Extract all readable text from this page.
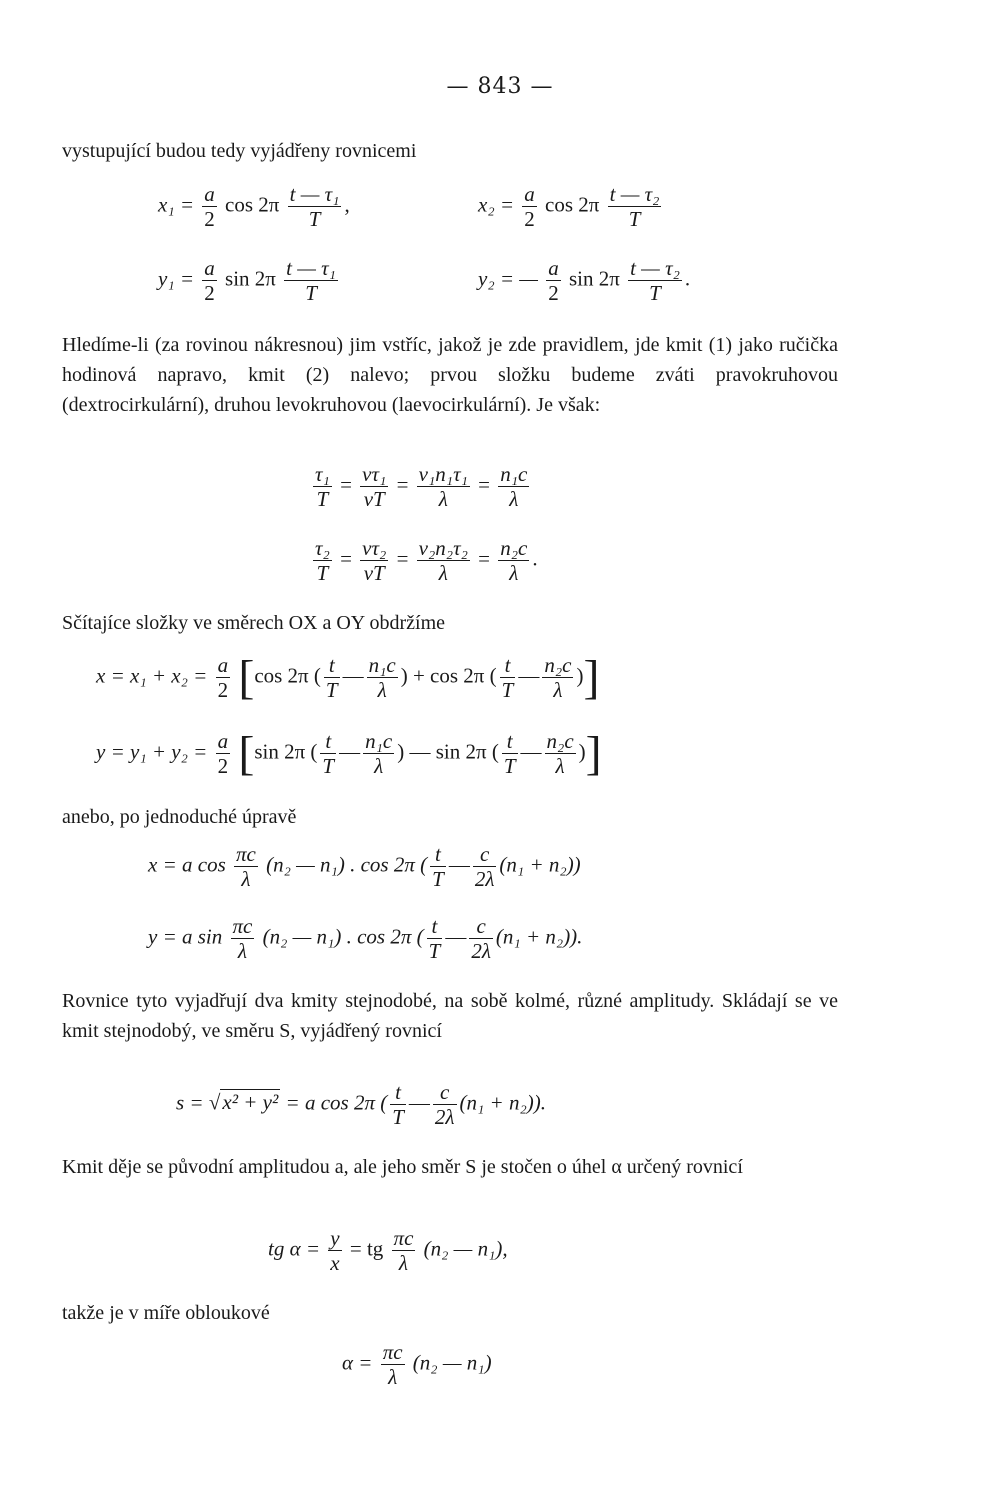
— 843 —
vystupující budou tedy vyjádřeny rovnicemi
$x_1 = \frac{a}{2}$ $\cos 2\pi \frac{\text{t — τ₁}}{T}$ ,	$x_2 = \frac{a}{2}$ $\cos 2\pi \frac{\text{t — τ₂}}{T}$
$y_1 = \frac{a}{2}$ $\sin 2\pi \frac{\text{t — τ₁}}{T}$	y₂ = — $\frac{a}{2}$ $\sin 2\pi \frac{\text{t — τ₂}}{T}$ .
Hledíme-li (za rovinou nákresnou) jim vstříc, jakož je zde pravidlem, jde kmit (1) jako ručička hodinová napravo, kmit (2) nalevo; prvou složku budeme zváti pravokruhovou (dextrocirkulární), druhou levokruhovou (laevocirkulární). Je však:
$\frac{\text{τ₁}}{T} = \frac{\text{vτ₁}}{vT} = \frac{\text{v₁n₁τ₁}}{\lambda} = \frac{\text{n₁c}}{\lambda}$
$\frac{\text{τ₂}}{T} = \frac{\text{vτ₂}}{vT} = \frac{\text{v₂n₂τ₂}}{\lambda} = \frac{\text{n₂c}}{\lambda}$ .
Sčítajíce složky ve směrech OX a OY obdržíme
$x = x_1 + x_2 = \frac{a}{2} [\cos$ 2π ( $\frac{t}{T}$ — $\frac{\text{n₁c}}{\lambda}$ ) + cos 2π ( $\frac{t}{T}$ — $\frac{\text{n₂c}}{\lambda}$ )]
$y = y_1 + y_2 = \frac{a}{2} [\sin$ 2π ( $\frac{t}{T}$ — $\frac{\text{n₁c}}{\lambda}$ ) — sin 2π ( $\frac{t}{T}$ — $\frac{\text{n₂c}}{\lambda}$ )]
anebo, po jednoduché úpravě
x = a $\cos \frac{\pi c}{\lambda} (n_2$ — n₁) . cos 2π ( $\frac{t}{T}$ — $\frac{c}{2\lambda} (n_1 + n_2)$)
y = a $\sin \frac{\pi c}{\lambda} (n_2$ — n₁) . cos 2π ( $\frac{t}{T}$ — $\frac{c}{2\lambda} (n_1 + n_2)$).
Rovnice tyto vyjadřují dva kmity stejnodobé, na sobě kolmé, různé amplitudy. Skládají se ve kmit stejnodobý, ve směru S, vyjádřený rovnicí
s = √x² + y² = a cos 2π ( $\frac{t}{T}$ — $\frac{c}{2\lambda} (n_1 + n_2)$).
Kmit děje se původní amplitudou a, ale jeho směr S je stočen o úhel α určený rovnicí
tg $\alpha = \frac{y}{x}$ = tg $\frac{\pi c}{\lambda} (n_2$ — n₁),
takže je v míře obloukové
$\alpha = \frac{\pi c}{\lambda} (n_2$ — n₁)
